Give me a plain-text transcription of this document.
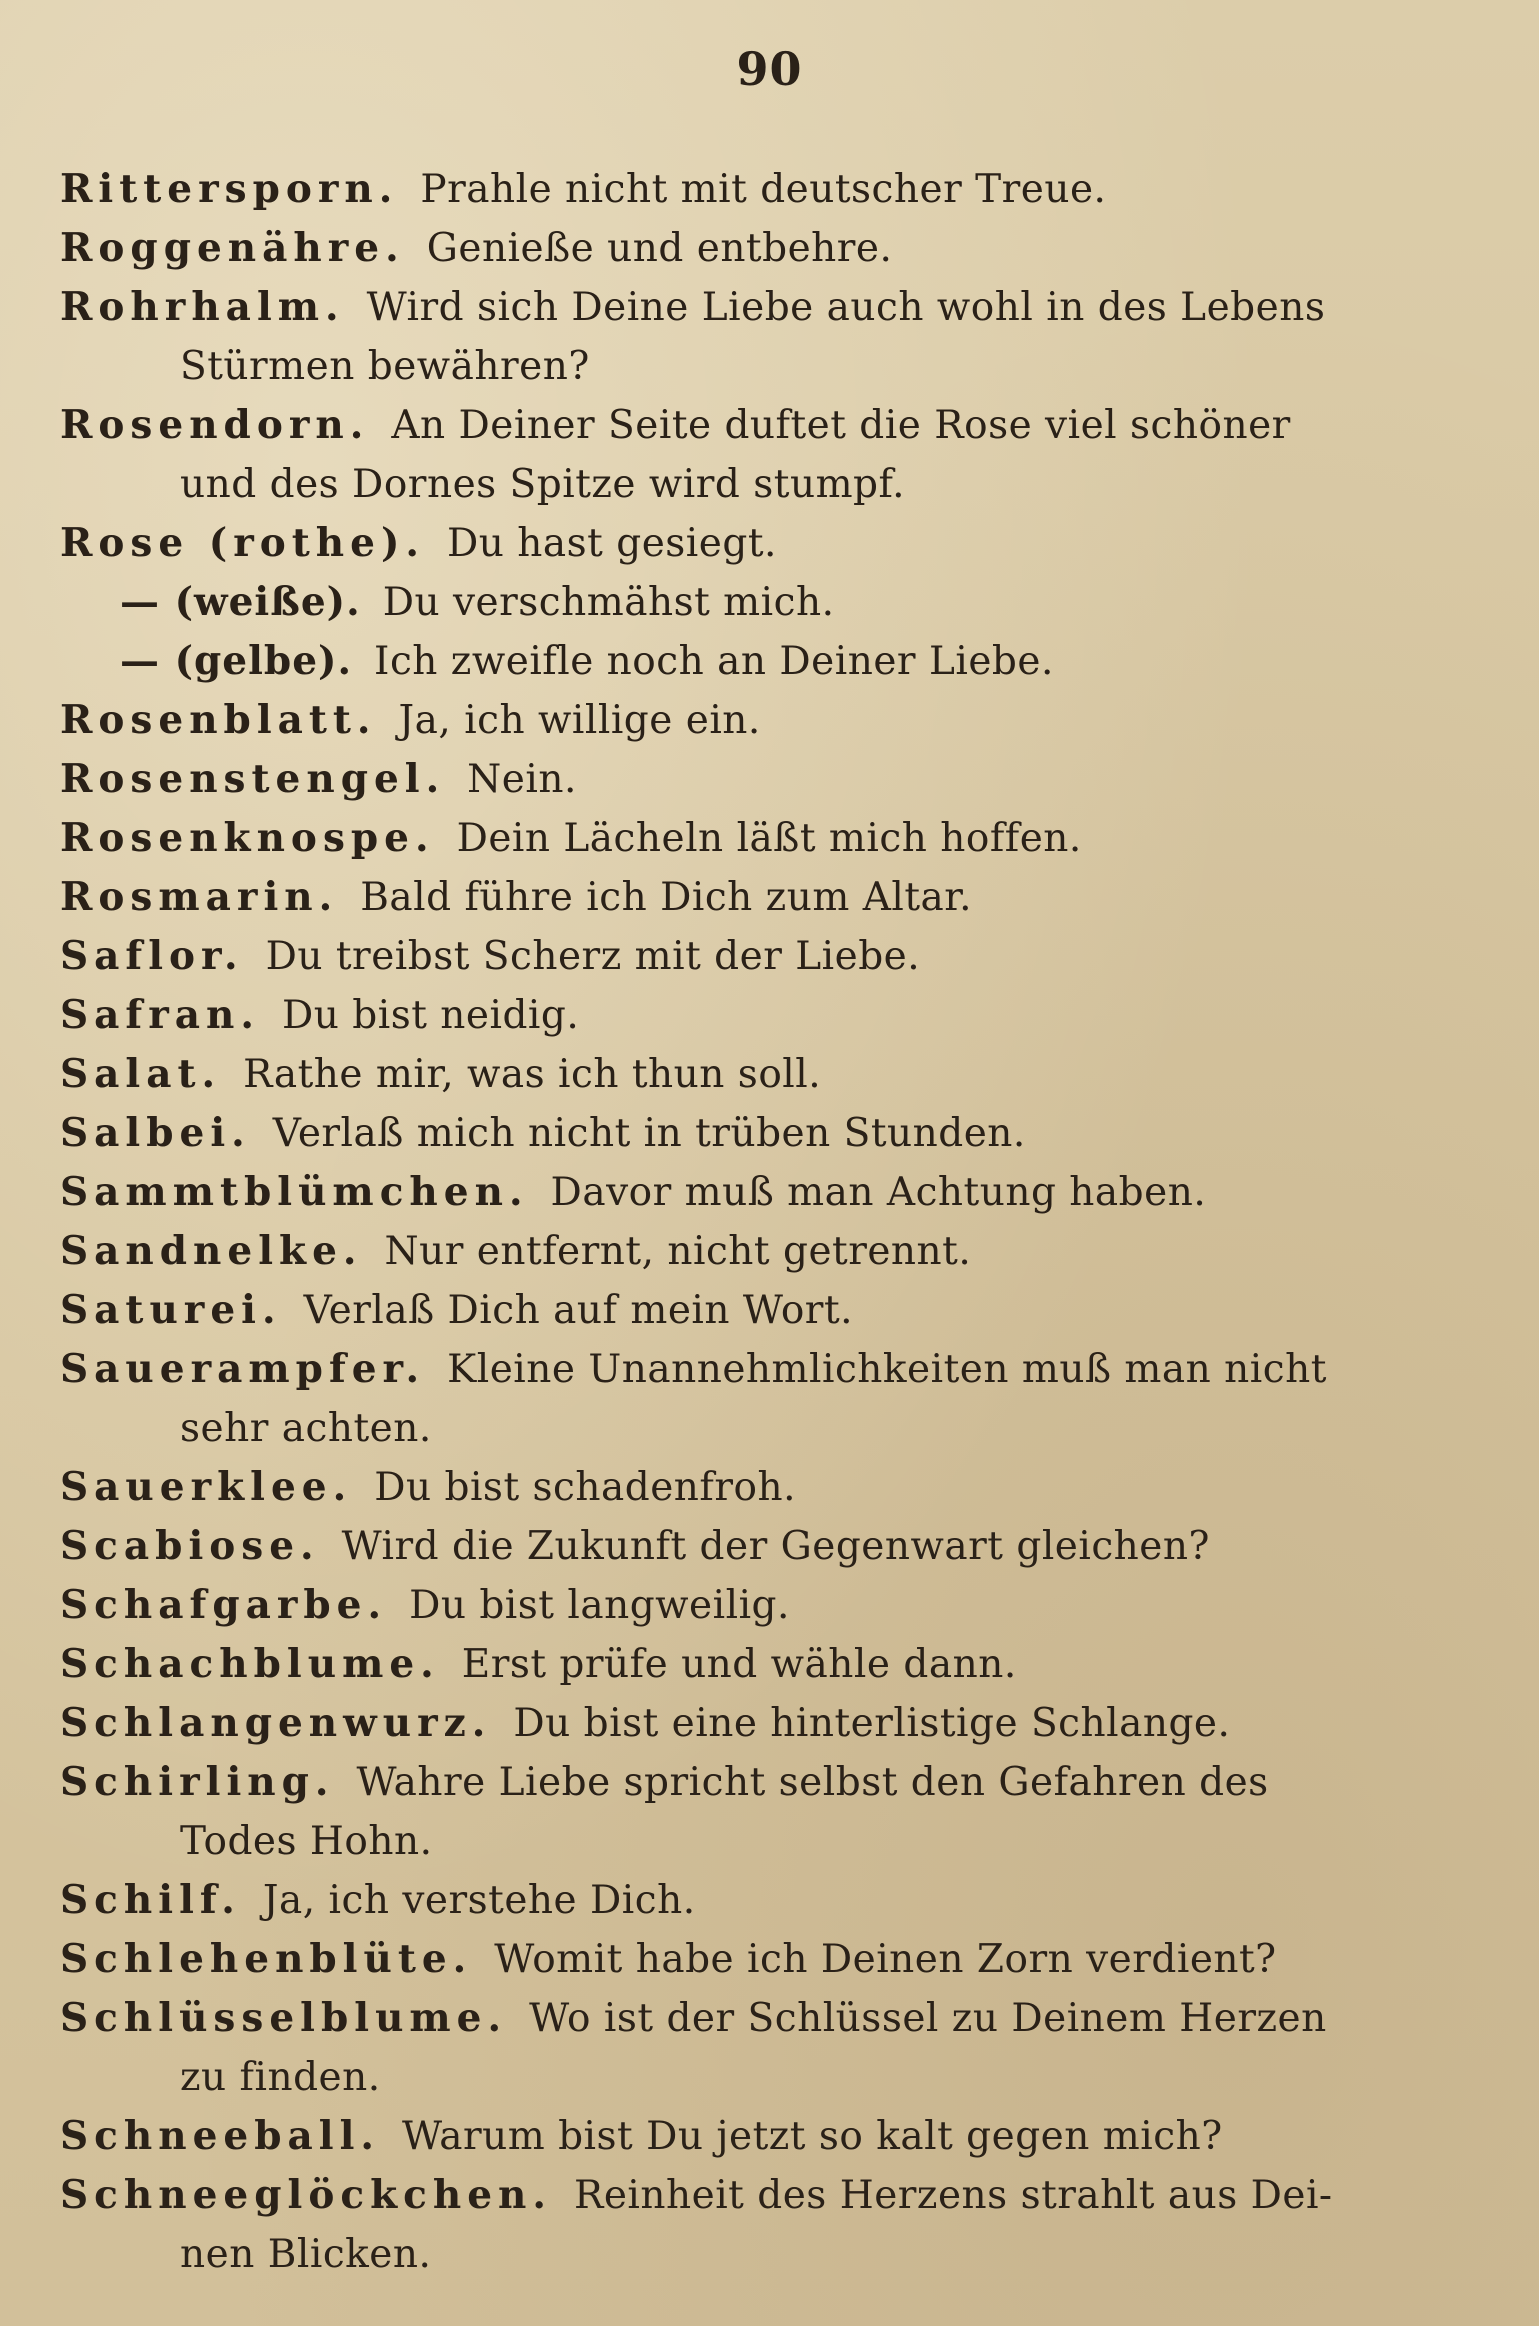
90
Rittersporn. Prahle nicht mit deutscher Treue.
Roggenähre. Genieße und entbehre.
Rohrhalm. Wird sich Deine Liebe auch wohl in des Lebens
Stürmen bewähren?
Rosendorn. An Deiner Seite duftet die Rose viel schöner
und des Dornes Spitze wird stumpf.
Rose (rothe). Du hast gesiegt.
— (weiße). Du verschmähst mich.
— (gelbe). Ich zweifle noch an Deiner Liebe.
Rosenblatt. Ja, ich willige ein.
Rosenstengel. Nein.
Rosenknospe. Dein Lächeln läßt mich hoffen.
Rosmarin. Bald führe ich Dich zum Altar.
Saflor. Du treibst Scherz mit der Liebe.
Safran. Du bist neidig.
Salat. Rathe mir, was ich thun soll.
Salbei. Verlaß mich nicht in trüben Stunden.
Sammtblümchen. Davor muß man Achtung haben.
Sandnelke. Nur entfernt, nicht getrennt.
Saturei. Verlaß Dich auf mein Wort.
Sauerampfer. Kleine Unannehmlichkeiten muß man nicht
sehr achten.
Sauerklee. Du bist schadenfroh.
Scabiose. Wird die Zukunft der Gegenwart gleichen?
Schafgarbe. Du bist langweilig.
Schachblume. Erst prüfe und wähle dann.
Schlangenwurz. Du bist eine hinterlistige Schlange.
Schirling. Wahre Liebe spricht selbst den Gefahren des
Todes Hohn.
Schilf. Ja, ich verstehe Dich.
Schlehenblüte. Womit habe ich Deinen Zorn verdient?
Schlüsselblume. Wo ist der Schlüssel zu Deinem Herzen
zu finden.
Schneeball. Warum bist Du jetzt so kalt gegen mich?
Schneeglöckchen. Reinheit des Herzens strahlt aus Dei-
nen Blicken.
